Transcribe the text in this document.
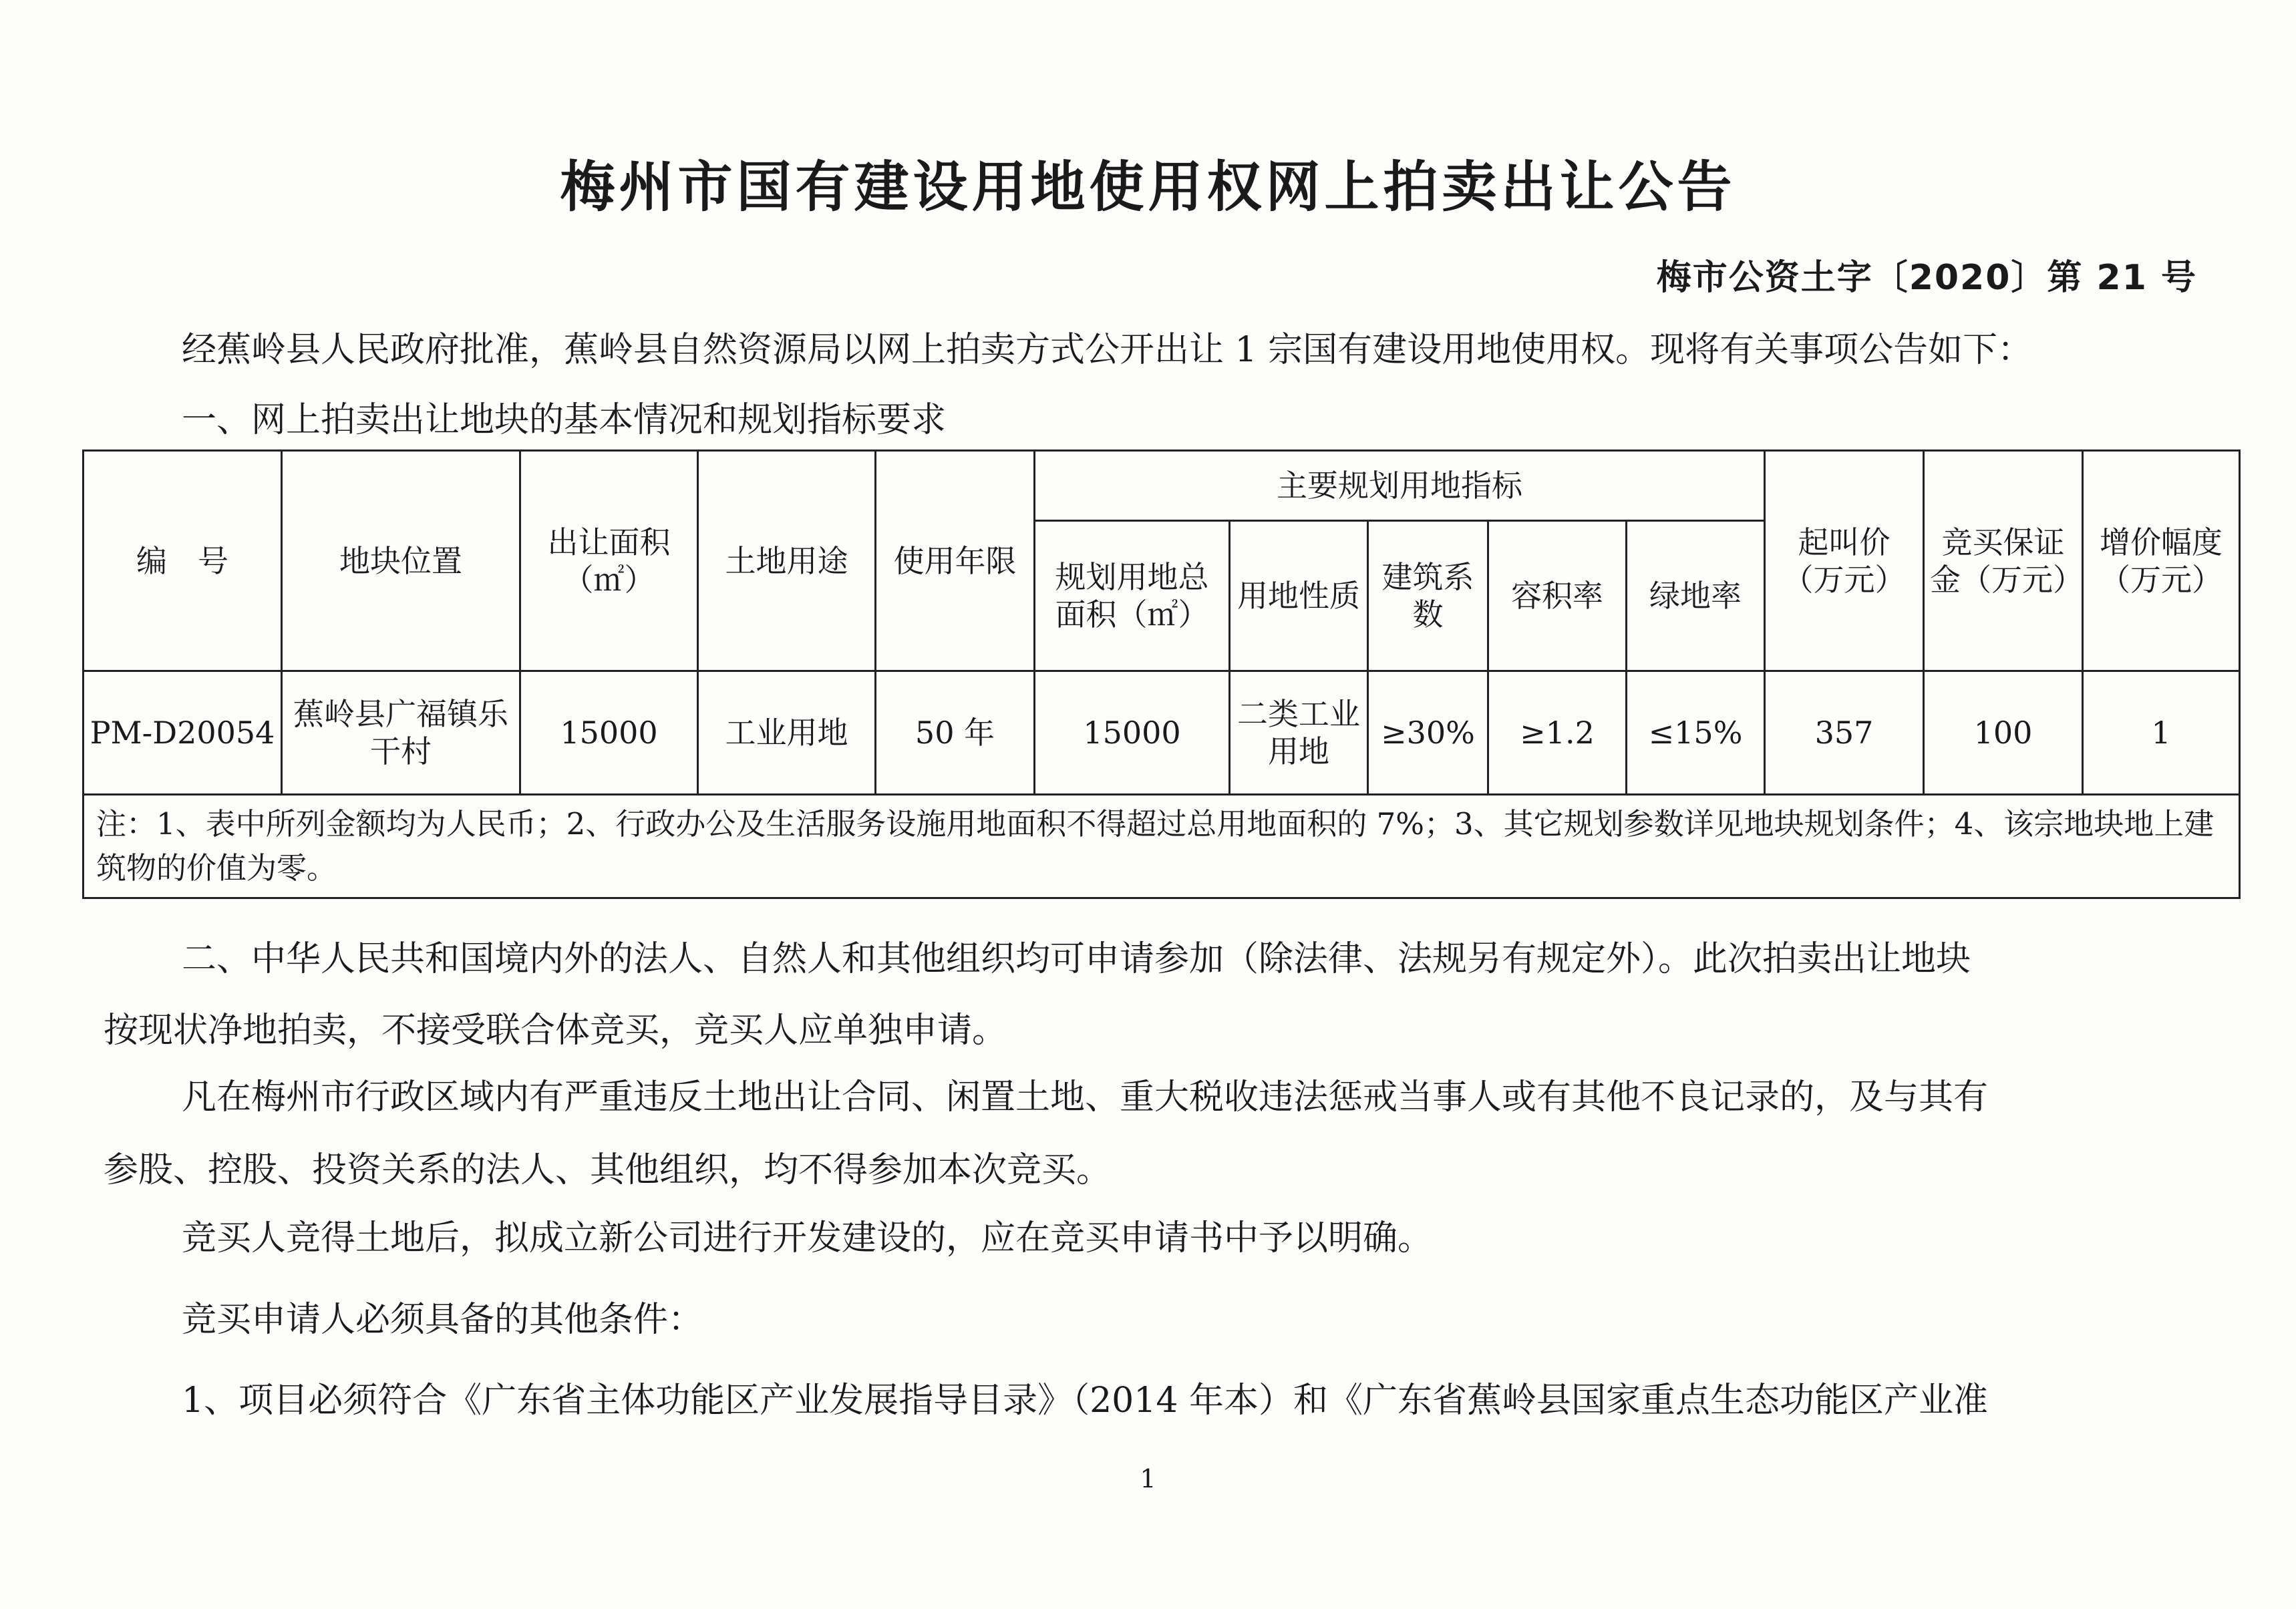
梅州市国有建设用地使用权网上拍卖出让公告
梅市公资土字〔2020〕第 21 号
经蕉岭县人民政府批准，蕉岭县自然资源局以网上拍卖方式公开出让 1 宗国有建设用地使用权。现将有关事项公告如下：
一、网上拍卖出让地块的基本情况和规划指标要求
编　号	地块位置	出让面积（㎡）	土地用途	使用年限	主要规划用地指标					起叫价（万元）	竞买保证金（万元）	增价幅度（万元）
					规划用地总面积（㎡）	用地性质	建筑系数	容积率	绿地率			
PM-D20054	蕉岭县广福镇乐干村	15000	工业用地	50 年	15000	二类工业用地	≥30%	≥1.2	≤15%	357	100	1
注：1、表中所列金额均为人民币；2、行政办公及生活服务设施用地面积不得超过总用地面积的 7%；3、其它规划参数详见地块规划条件；4、该宗地块地上建筑物的价值为零。												
二、中华人民共和国境内外的法人、自然人和其他组织均可申请参加（除法律、法规另有规定外）。此次拍卖出让地块
按现状净地拍卖，不接受联合体竞买，竞买人应单独申请。
凡在梅州市行政区域内有严重违反土地出让合同、闲置土地、重大税收违法惩戒当事人或有其他不良记录的，及与其有
参股、控股、投资关系的法人、其他组织，均不得参加本次竞买。
竞买人竞得土地后，拟成立新公司进行开发建设的，应在竞买申请书中予以明确。
竞买申请人必须具备的其他条件：
1、项目必须符合《广东省主体功能区产业发展指导目录》（2014 年本）和《广东省蕉岭县国家重点生态功能区产业准
1
